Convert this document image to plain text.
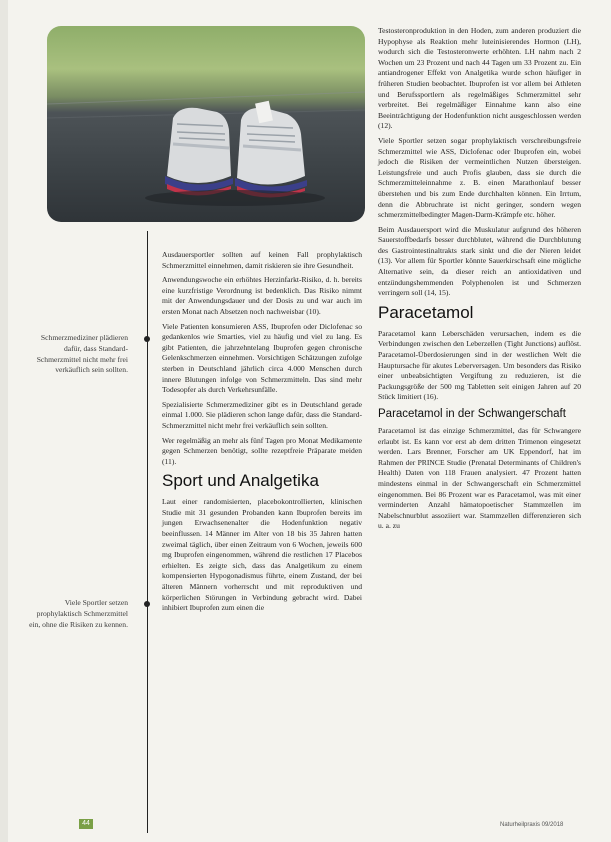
Schmerzmediziner plädieren dafür, dass Standard-Schmerzmittel nicht mehr frei verkäuflich sein sollten.
Viele Sportler setzen prophylaktisch Schmerzmittel ein, ohne die Risiken zu kennen.

Ausdauersportler sollten auf keinen Fall prophylaktisch Schmerzmittel einnehmen, damit riskieren sie ihre Gesundheit.

Anwendungswoche ein erhöhtes Herzinfarkt-Risiko, d. h. bereits eine kurzfristige Verordnung ist bedenklich. Das Risiko nimmt mit der Anwendungsdauer und der Dosis zu und war auch im ersten Monat nach Absetzen noch nachweisbar (10).

Viele Patienten konsumieren ASS, Ibuprofen oder Diclofenac so gedankenlos wie Smarties, viel zu häufig und viel zu lang. Es gibt Patienten, die jahrzehntelang Ibuprofen gegen chronische Gelenkschmerzen einnehmen. Vorsichtigen Schätzungen zufolge sterben in Deutschland jährlich circa 4.000 Menschen durch innere Blutungen infolge von Schmerzmitteln. Das sind mehr Todesopfer als durch Verkehrsunfälle.

Spezialisierte Schmerzmediziner gibt es in Deutschland gerade einmal 1.000. Sie plädieren schon lange dafür, dass die Standard-Schmerzmittel nicht mehr frei verkäuflich sein sollten.

Wer regelmäßig an mehr als fünf Tagen pro Monat Medikamente gegen Schmerzen benötigt, sollte rezeptfreie Präparate meiden (11).

Sport und Analgetika

Laut einer randomisierten, placebokontrollierten, klinischen Studie mit 31 gesunden Probanden kann Ibuprofen bereits im jungen Erwachsenenalter die Hodenfunktion negativ beeinflussen. 14 Männer im Alter von 18 bis 35 Jahren hatten zweimal täglich, über einen Zeitraum von 6 Wochen, jeweils 600 mg Ibuprofen eingenommen, während die restlichen 17 Placebos erhielten. Es zeigte sich, dass das Analgetikum zu einem kompensierten Hypogonadismus führte, einem Zustand, der bei älteren Männern vorherrscht und mit reproduktiven und körperlichen Störungen in Verbindung gebracht wird. Dabei inhibiert Ibuprofen zum einen die

Testosteronproduktion in den Hoden, zum anderen produziert die Hypophyse als Reaktion mehr luteinisierendes Hormon (LH), wodurch sich die Testosteronwerte erhöhten. LH nahm nach 2 Wochen um 23 Prozent und nach 44 Tagen um 33 Prozent zu. Ein antiandrogener Effekt von Analgetika wurde schon häufiger in früheren Studien beobachtet. Ibuprofen ist vor allem bei Athleten und Berufssportlern als regelmäßiges Schmerzmittel sehr verbreitet. Bei regelmäßiger Einnahme kann also eine Beeinträchtigung der Hodenfunktion nicht ausgeschlossen werden (12).

Viele Sportler setzen sogar prophylaktisch verschreibungsfreie Schmerzmittel wie ASS, Diclofenac oder Ibuprofen ein, wobei jedoch die Risiken der vermeintlichen Nutzen übersteigen. Leistungsfreie und auch Profis glauben, dass sie durch die Schmerzmitteleinnahme z. B. einen Marathonlauf besser überstehen und bis zum Ende durchhalten können. Ein Irrtum, denn die Abbruchrate ist nicht geringer, sondern wegen schmerzmittelbedingter Magen-Darm-Krämpfe etc. höher.

Beim Ausdauersport wird die Muskulatur aufgrund des höheren Sauerstoffbedarfs besser durchblutet, während die Durchblutung des Gastrointestinaltrakts stark sinkt und die der Nieren leidet (13). Vor allem für Sportler könnte Sauerkirschsaft eine mögliche Alternative sein, da dieser reich an antioxidativen und entzündungshemmenden Polyphenolen ist und Schmerzen verringern soll (14, 15).

Paracetamol

Paracetamol kann Leberschäden verursachen, indem es die Verbindungen zwischen den Leberzellen (Tight Junctions) auflöst. Paracetamol-Überdosierungen sind in der westlichen Welt die Hauptursache für akutes Leberversagen. Um besonders das Risiko einer unbeabsichtigten Vergiftung zu reduzieren, ist die Packungsgröße der 500 mg Tabletten seit einigen Jahren auf 20 Stück limitiert (16).

Paracetamol in der Schwangerschaft

Paracetamol ist das einzige Schmerzmittel, das für Schwangere erlaubt ist. Es kann vor erst ab dem dritten Trimenon eingesetzt werden. Lars Brenner, Forscher am UK Eppendorf, hat im Rahmen der PRINCE Studie (Prenatal Determinants of Children's Health) Daten von 118 Frauen analysiert. 47 Prozent hatten mindestens einmal in der Schwangerschaft ein Schmerzmittel eingenommen. Bei 86 Prozent war es Paracetamol, was mit einer verminderten Anzahl hämatopoetischer Stammzellen im Nabelschnurblut assoziiert war. Stammzellen differenzieren sich u. a. zu

44	Naturheilpraxis 09/2018
